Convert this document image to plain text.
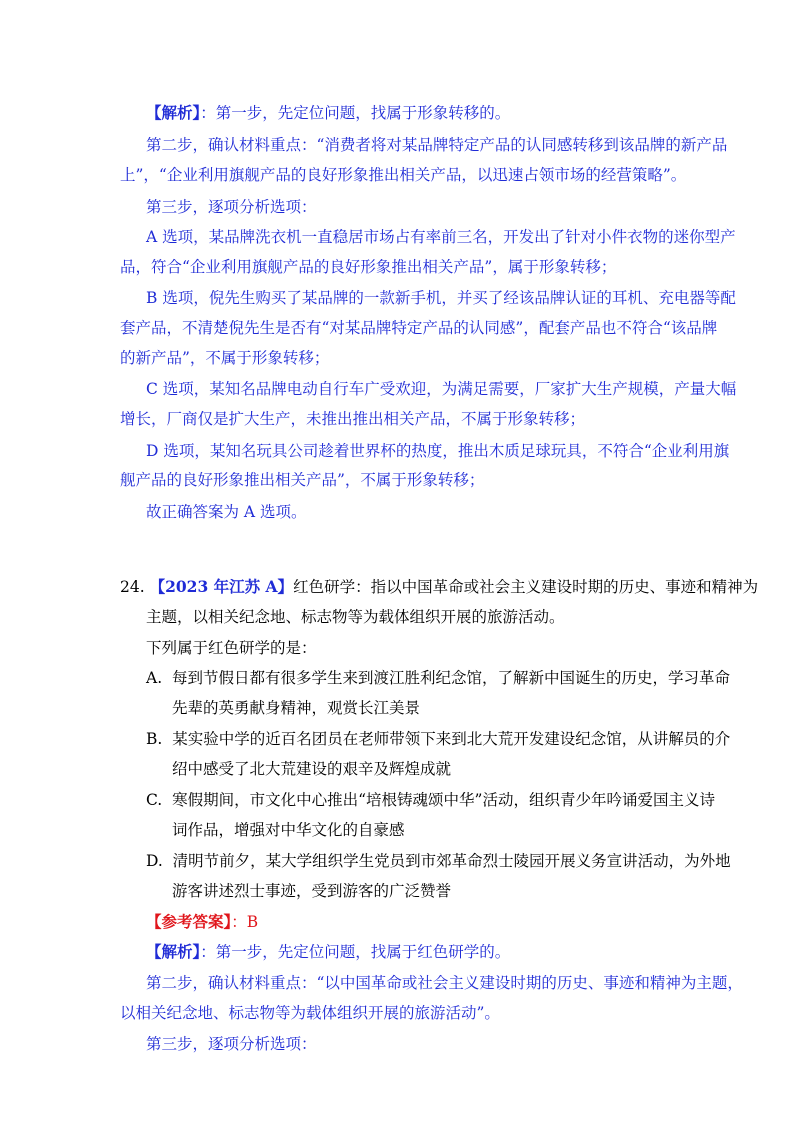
【解析】：第一步，先定位问题，找属于形象转移的。
第二步，确认材料重点：“消费者将对某品牌特定产品的认同感转移到该品牌的新产品
上”，“企业利用旗舰产品的良好形象推出相关产品，以迅速占领市场的经营策略”。
第三步，逐项分析选项：
A 选项，某品牌洗衣机一直稳居市场占有率前三名，开发出了针对小件衣物的迷你型产
品，符合“企业利用旗舰产品的良好形象推出相关产品”，属于形象转移；
B 选项，倪先生购买了某品牌的一款新手机，并买了经该品牌认证的耳机、充电器等配
套产品，不清楚倪先生是否有“对某品牌特定产品的认同感”，配套产品也不符合“该品牌
的新产品”，不属于形象转移；
C 选项，某知名品牌电动自行车广受欢迎，为满足需要，厂家扩大生产规模，产量大幅
增长，厂商仅是扩大生产，未推出推出相关产品，不属于形象转移；
D 选项，某知名玩具公司趁着世界杯的热度，推出木质足球玩具，不符合“企业利用旗
舰产品的良好形象推出相关产品”，不属于形象转移；
故正确答案为 A 选项。
24. 【2023 年江苏 A】红色研学：指以中国革命或社会主义建设时期的历史、事迹和精神为
主题，以相关纪念地、标志物等为载体组织开展的旅游活动。
下列属于红色研学的是：
A. 每到节假日都有很多学生来到渡江胜利纪念馆，了解新中国诞生的历史，学习革命
先辈的英勇献身精神，观赏长江美景
B. 某实验中学的近百名团员在老师带领下来到北大荒开发建设纪念馆，从讲解员的介
绍中感受了北大荒建设的艰辛及辉煌成就
C. 寒假期间，市文化中心推出“培根铸魂颂中华”活动，组织青少年吟诵爱国主义诗
词作品，增强对中华文化的自豪感
D. 清明节前夕，某大学组织学生党员到市郊革命烈士陵园开展义务宣讲活动，为外地
游客讲述烈士事迹，受到游客的广泛赞誉
【参考答案】：B
【解析】：第一步，先定位问题，找属于红色研学的。
第二步，确认材料重点：“以中国革命或社会主义建设时期的历史、事迹和精神为主题，
以相关纪念地、标志物等为载体组织开展的旅游活动”。
第三步，逐项分析选项：
